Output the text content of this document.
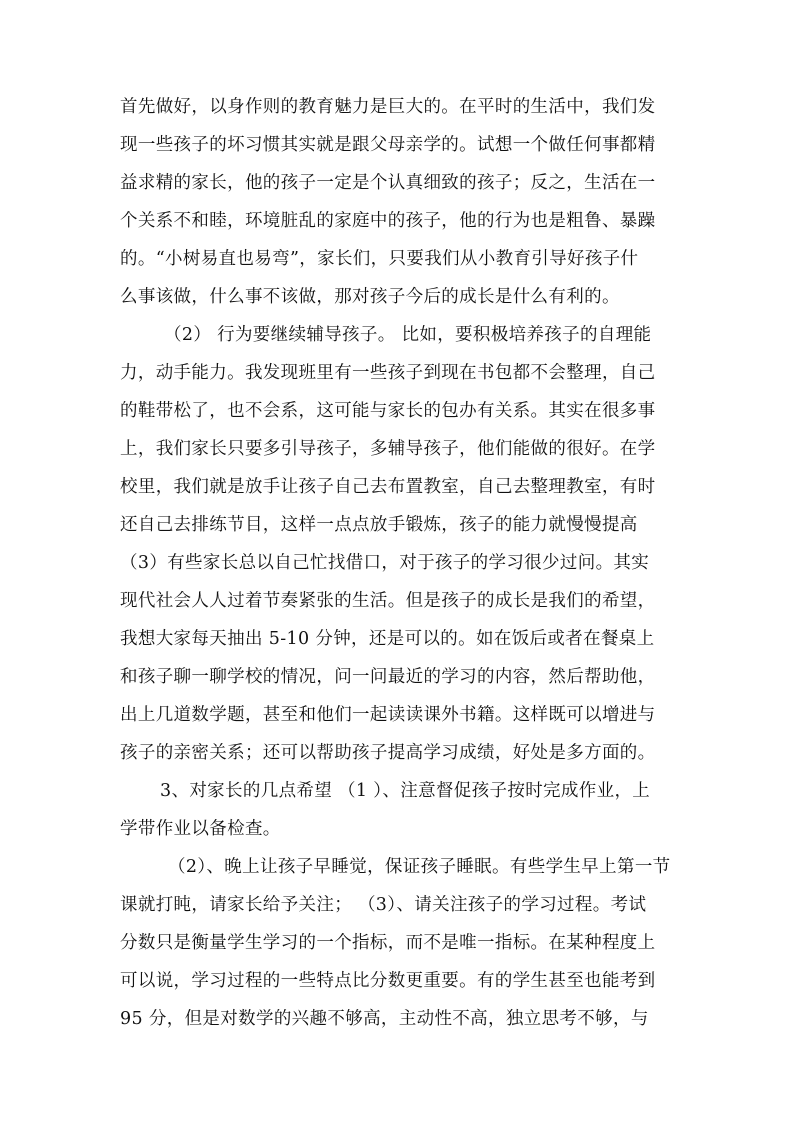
首先做好，以身作则的教育魅力是巨大的。在平时的生活中，我们发
现一些孩子的坏习惯其实就是跟父母亲学的。试想一个做任何事都精
益求精的家长，他的孩子一定是个认真细致的孩子；反之，生活在一
个关系不和睦，环境脏乱的家庭中的孩子，他的行为也是粗鲁、暴躁
的。“小树易直也易弯”，家长们，只要我们从小教育引导好孩子什
么事该做，什么事不该做，那对孩子今后的成长是什么有利的。
（2） 行为要继续辅导孩子。 比如，要积极培养孩子的自理能
力，动手能力。我发现班里有一些孩子到现在书包都不会整理，自己
的鞋带松了，也不会系，这可能与家长的包办有关系。其实在很多事
上，我们家长只要多引导孩子，多辅导孩子，他们能做的很好。在学
校里，我们就是放手让孩子自己去布置教室，自己去整理教室，有时
还自己去排练节目，这样一点点放手锻炼，孩子的能力就慢慢提高
（3）有些家长总以自己忙找借口，对于孩子的学习很少过问。其实
现代社会人人过着节奏紧张的生活。但是孩子的成长是我们的希望，
我想大家每天抽出 5-10 分钟，还是可以的。如在饭后或者在餐桌上
和孩子聊一聊学校的情况，问一问最近的学习的内容，然后帮助他，
出上几道数学题，甚至和他们一起读读课外书籍。这样既可以增进与
孩子的亲密关系；还可以帮助孩子提高学习成绩，好处是多方面的。
3、对家长的几点希望 （1 ）、注意督促孩子按时完成作业，上
学带作业以备检查。
（2）、晚上让孩子早睡觉，保证孩子睡眠。有些学生早上第一节
课就打盹，请家长给予关注； （3）、请关注孩子的学习过程。考试
分数只是衡量学生学习的一个指标，而不是唯一指标。在某种程度上
可以说，学习过程的一些特点比分数更重要。有的学生甚至也能考到
95 分，但是对数学的兴趣不够高，主动性不高，独立思考不够，与
